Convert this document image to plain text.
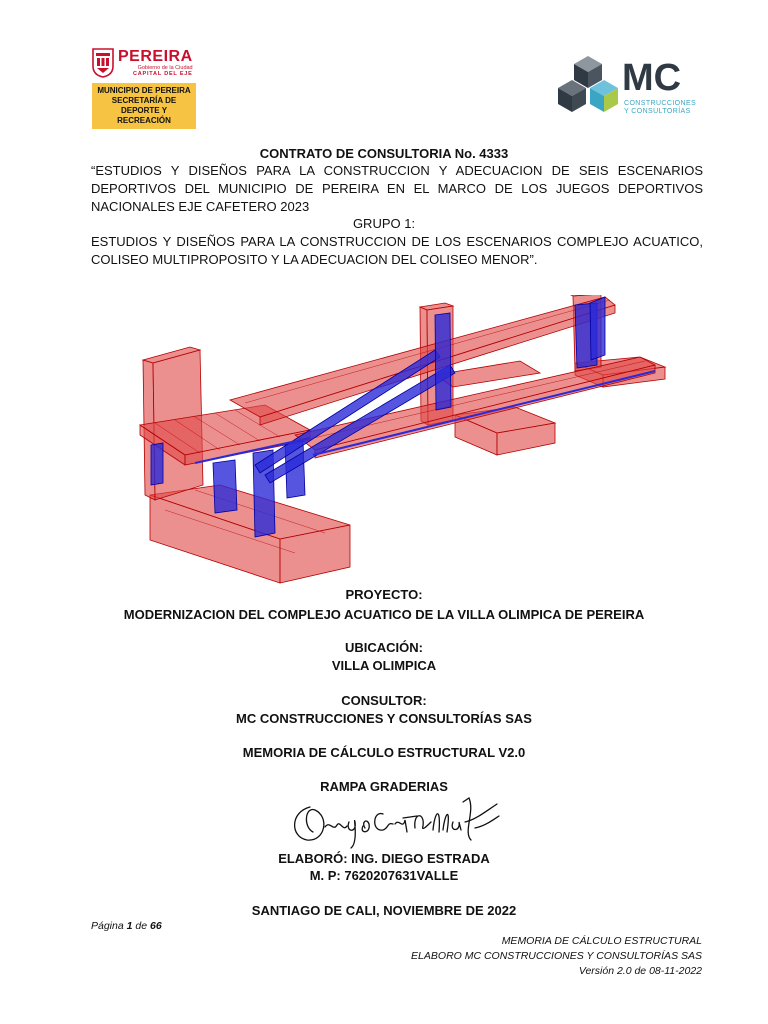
PEREIRA
Gobierno de la Ciudad
CAPITAL DEL EJE
MUNICIPIO DE PEREIRA
SECRETARÍA DE
DEPORTE Y
RECREACIÓN
MC
CONSTRUCCIONES
Y CONSULTORÍAS
CONTRATO DE CONSULTORIA No. 4333
“ESTUDIOS Y DISEÑOS PARA LA CONSTRUCCION Y ADECUACION DE SEIS ESCENARIOS DEPORTIVOS DEL MUNICIPIO DE PEREIRA EN EL MARCO DE LOS JUEGOS DEPORTIVOS NACIONALES EJE CAFETERO 2023
GRUPO 1:
ESTUDIOS Y DISEÑOS PARA LA CONSTRUCCION DE LOS ESCENARIOS COMPLEJO ACUATICO, COLISEO MULTIPROPOSITO Y LA ADECUACION DEL COLISEO MENOR”.
PROYECTO:
MODERNIZACION DEL COMPLEJO ACUATICO DE LA VILLA OLIMPICA DE PEREIRA
UBICACIÓN:
VILLA OLIMPICA
CONSULTOR:
MC CONSTRUCCIONES Y CONSULTORÍAS SAS
MEMORIA DE CÁLCULO ESTRUCTURAL V2.0
RAMPA GRADERIAS
ELABORÓ: ING. DIEGO ESTRADA
M. P: 7620207631VALLE
SANTIAGO DE CALI, NOVIEMBRE DE 2022
Página 1 de 66
MEMORIA DE CÁLCULO ESTRUCTURAL
ELABORO MC CONSTRUCCIONES Y CONSULTORÍAS SAS
Versión 2.0 de 08-11-2022
